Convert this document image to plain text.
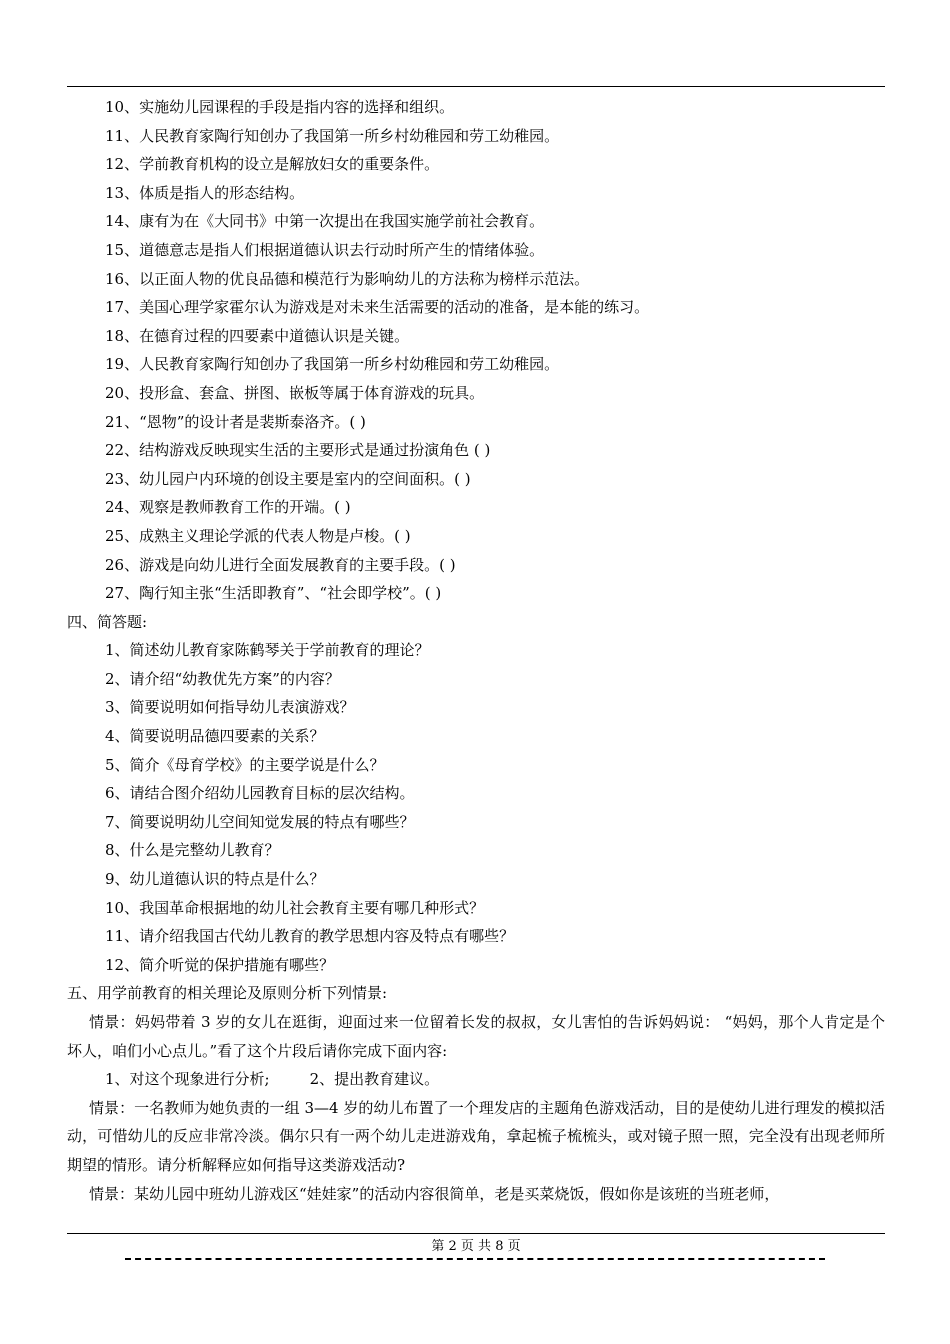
10、实施幼儿园课程的手段是指内容的选择和组织。
11、人民教育家陶行知创办了我国第一所乡村幼稚园和劳工幼稚园。
12、学前教育机构的设立是解放妇女的重要条件。
13、体质是指人的形态结构。
14、康有为在《大同书》中第一次提出在我国实施学前社会教育。
15、道德意志是指人们根据道德认识去行动时所产生的情绪体验。
16、以正面人物的优良品德和模范行为影响幼儿的方法称为榜样示范法。
17、美国心理学家霍尔认为游戏是对未来生活需要的活动的准备，是本能的练习。
18、在德育过程的四要素中道德认识是关键。
19、人民教育家陶行知创办了我国第一所乡村幼稚园和劳工幼稚园。
20、投形盒、套盒、拼图、嵌板等属于体育游戏的玩具。
21、“恩物”的设计者是裴斯泰洛齐。( )
22、结构游戏反映现实生活的主要形式是通过扮演角色 ( )
23、幼儿园户内环境的创设主要是室内的空间面积。( )
24、观察是教师教育工作的开端。( )
25、成熟主义理论学派的代表人物是卢梭。( )
26、游戏是向幼儿进行全面发展教育的主要手段。( )
27、陶行知主张“生活即教育”、“社会即学校”。( )
四、简答题:
1、简述幼儿教育家陈鹤琴关于学前教育的理论？
2、请介绍“幼教优先方案”的内容？
3、简要说明如何指导幼儿表演游戏？
4、简要说明品德四要素的关系？
5、简介《母育学校》的主要学说是什么？
6、请结合图介绍幼儿园教育目标的层次结构。
7、简要说明幼儿空间知觉发展的特点有哪些？
8、什么是完整幼儿教育？
9、幼儿道德认识的特点是什么？
10、我国革命根据地的幼儿社会教育主要有哪几种形式？
11、请介绍我国古代幼儿教育的教学思想内容及特点有哪些？
12、简介听觉的保护措施有哪些？
五、用学前教育的相关理论及原则分析下列情景:
情景：妈妈带着 3 岁的女儿在逛街，迎面过来一位留着长发的叔叔，女儿害怕的告诉妈妈说： “妈妈，那个人肯定是个坏人，咱们小心点儿。”看了这个片段后请你完成下面内容:
1、对这个现象进行分析;	2、提出教育建议。
情景：一名教师为她负责的一组 3—4 岁的幼儿布置了一个理发店的主题角色游戏活动，目的是使幼儿进行理发的模拟活动，可惜幼儿的反应非常冷淡。偶尔只有一两个幼儿走进游戏角，拿起梳子梳梳头，或对镜子照一照，完全没有出现老师所期望的情形。请分析解释应如何指导这类游戏活动?
情景：某幼儿园中班幼儿游戏区“娃娃家”的活动内容很简单，老是买菜烧饭，假如你是该班的当班老师，
第 2 页 共 8 页
